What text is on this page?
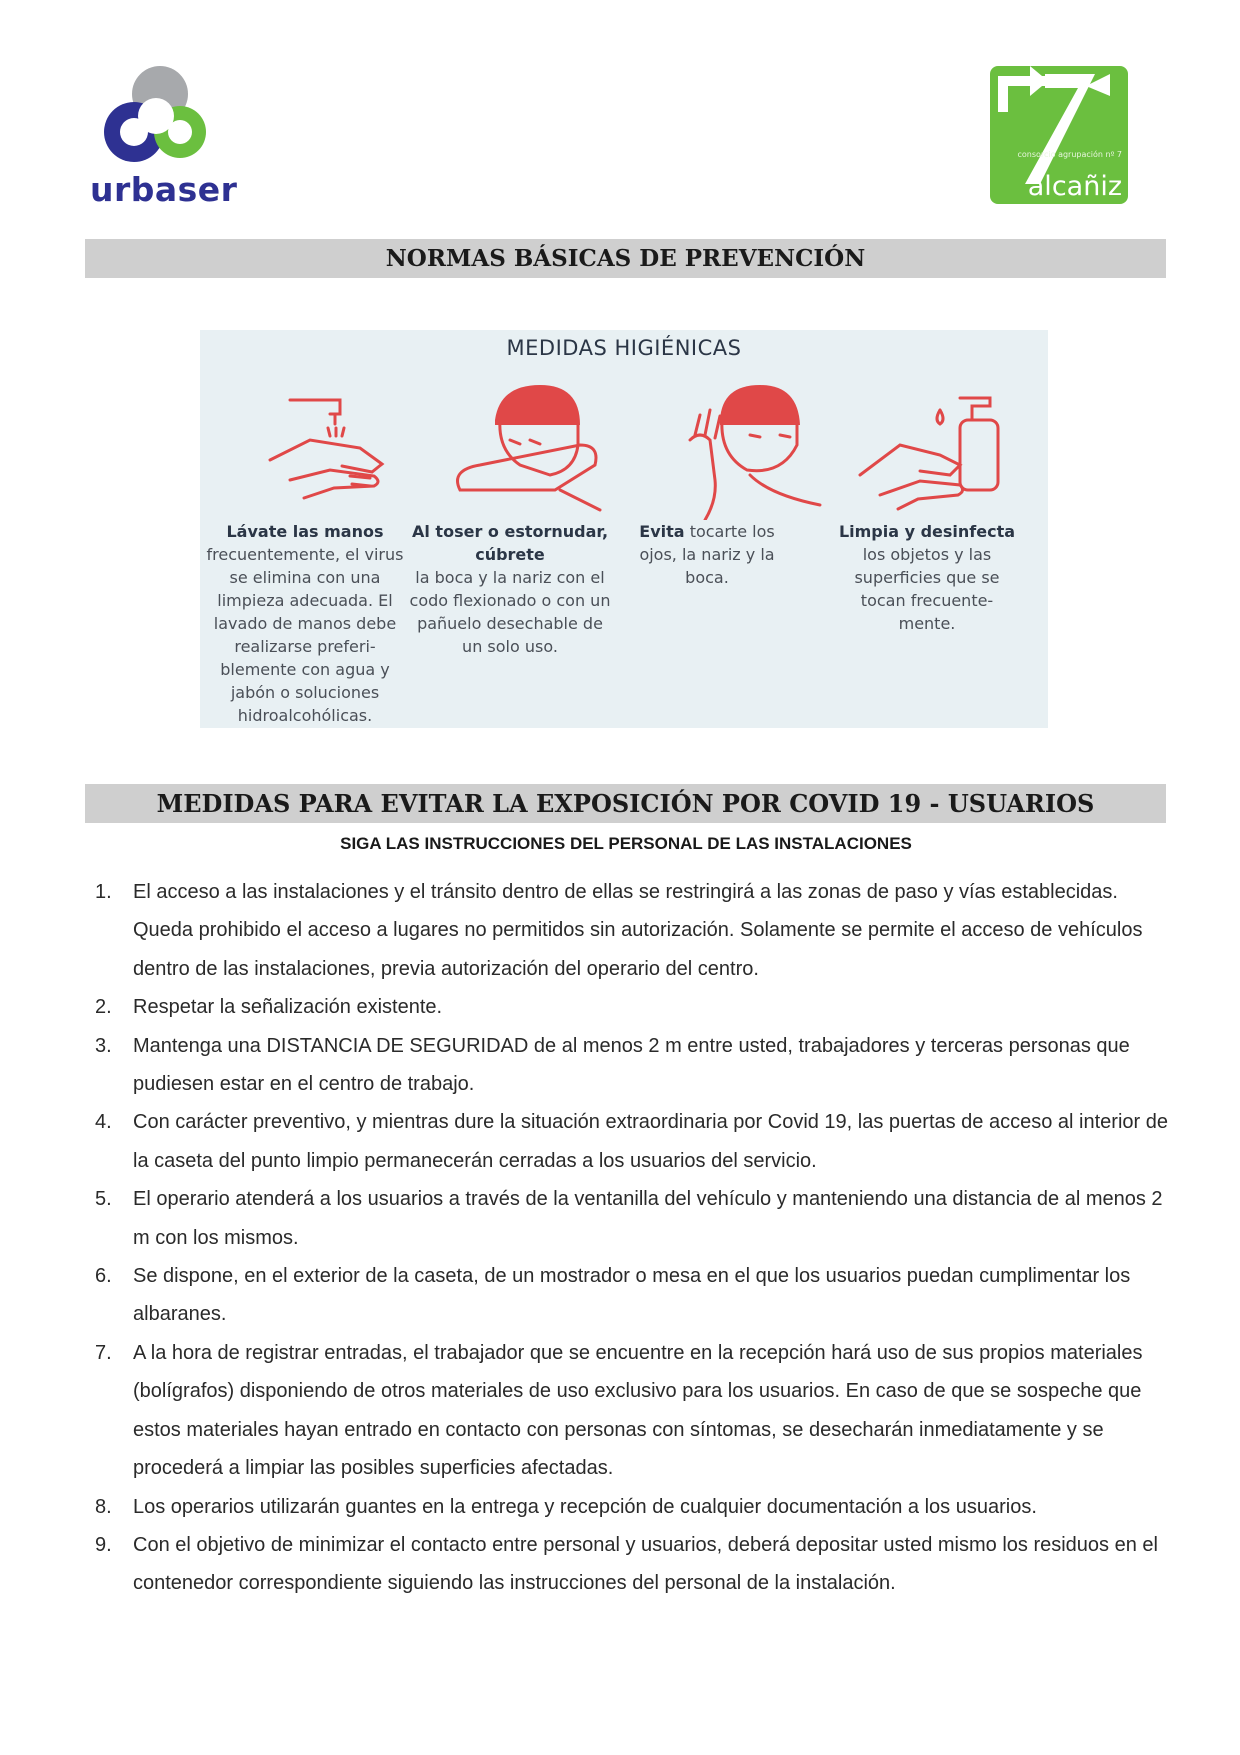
urbaser
consorcio agrupación nº 7
alcañiz
NORMAS BÁSICAS DE PREVENCIÓN
MEDIDAS HIGIÉNICAS
Lávate las manos
frecuentemente, el virus se elimina con una limpieza adecuada. El lavado de manos debe realizarse preferi- blemente con agua y jabón o soluciones hidroalcohólicas.
Al toser o estornudar, cúbrete
la boca y la nariz con el codo flexionado o con un pañuelo desechable de un solo uso.
Evita tocarte los ojos, la nariz y la boca.
Limpia y desinfecta
los objetos y las superficies que se tocan frecuente- mente.
MEDIDAS PARA EVITAR LA EXPOSICIÓN POR COVID 19 - USUARIOS
SIGA LAS INSTRUCCIONES DEL PERSONAL DE LAS INSTALACIONES
1. El acceso a las instalaciones y el tránsito dentro de ellas se restringirá a las zonas de paso y vías establecidas. Queda prohibido el acceso a lugares no permitidos sin autorización. Solamente se permite el acceso de vehículos dentro de las instalaciones, previa autorización del operario del centro.
2. Respetar la señalización existente.
3. Mantenga una DISTANCIA DE SEGURIDAD de al menos 2 m entre usted, trabajadores y terceras personas que pudiesen estar en el centro de trabajo.
4. Con carácter preventivo, y mientras dure la situación extraordinaria por Covid 19, las puertas de acceso al interior de la caseta del punto limpio permanecerán cerradas a los usuarios del servicio.
5. El operario atenderá a los usuarios a través de la ventanilla del vehículo y manteniendo una distancia de al menos 2 m con los mismos.
6. Se dispone, en el exterior de la caseta, de un mostrador o mesa en el que los usuarios puedan cumplimentar los albaranes.
7. A la hora de registrar entradas, el trabajador que se encuentre en la recepción hará uso de sus propios materiales (bolígrafos) disponiendo de otros materiales de uso exclusivo para los usuarios. En caso de que se sospeche que estos materiales hayan entrado en contacto con personas con síntomas, se desecharán inmediatamente y se procederá a limpiar las posibles superficies afectadas.
8. Los operarios utilizarán guantes en la entrega y recepción de cualquier documentación a los usuarios.
9. Con el objetivo de minimizar el contacto entre personal y usuarios, deberá depositar usted mismo los residuos en el contenedor correspondiente siguiendo las instrucciones del personal de la instalación.
